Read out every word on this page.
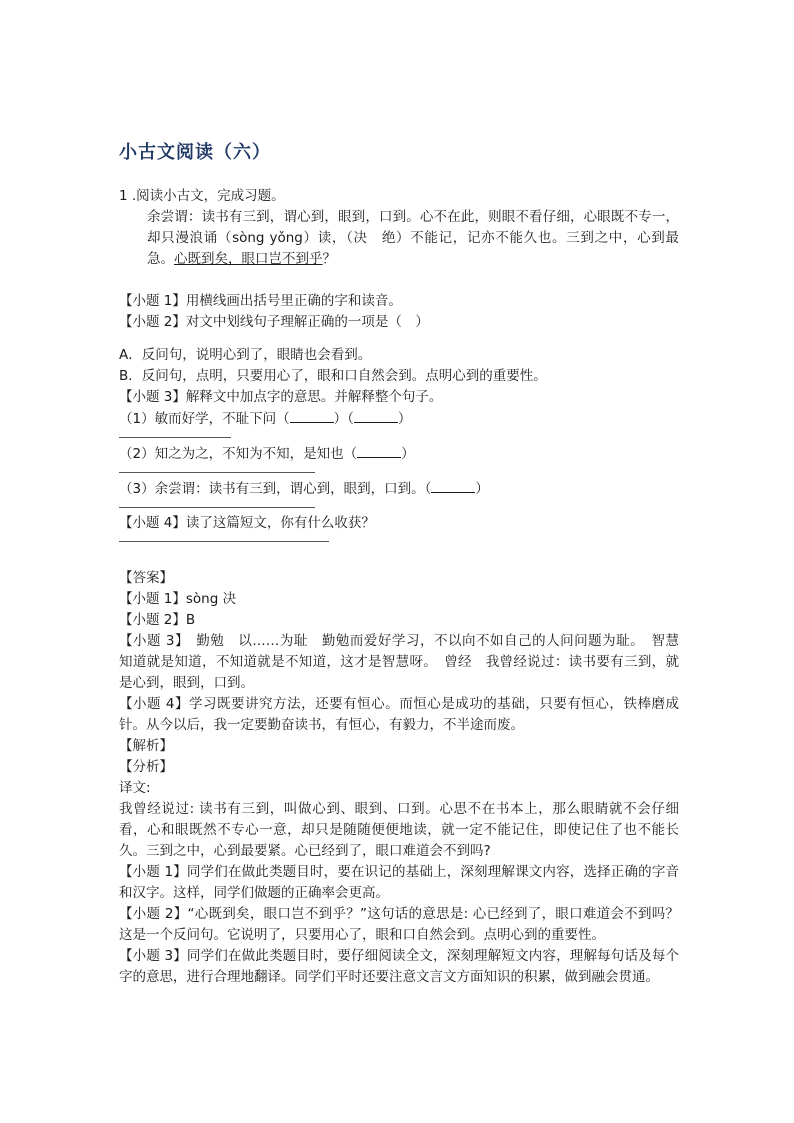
小古文阅读（六）
1 .阅读小古文，完成习题。
余尝谓：读书有三到，谓心到，眼到，口到。心不在此，则眼不看仔细，心眼既不专一，却只漫浪诵（sòng yǒng）读，（决　绝）不能记，记亦不能久也。三到之中，心到最急。心既到矣，眼口岂不到乎？
【小题 1】用横线画出括号里正确的字和读音。
【小题 2】对文中划线句子理解正确的一项是（　）
A．反问句，说明心到了，眼睛也会看到。
B．反问句，点明，只要用心了，眼和口自然会到。点明心到的重要性。
【小题 3】解释文中加点字的意思。并解释整个句子。
（1）敏而好学，不耻下问（	）（	）
（2）知之为之，不知为不知，是知也（	）
（3）余尝谓：读书有三到，谓心到，眼到，口到。（	）
【小题 4】读了这篇短文，你有什么收获？
【答案】
【小题 1】sòng 决
【小题 2】B
【小题 3】　勤勉　以……为耻　勤勉而爱好学习，不以向不如自己的人问问题为耻。　智慧　知道就是知道，不知道就是不知道，这才是智慧呀。　曾经　我曾经说过：读书要有三到，就是心到，眼到，口到。
【小题 4】学习既要讲究方法，还要有恒心。而恒心是成功的基础，只要有恒心，铁棒磨成针。从今以后，我一定要勤奋读书，有恒心，有毅力，不半途而废。
【解析】
【分析】
译文:
我曾经说过: 读书有三到，叫做心到、眼到、口到。心思不在书本上，那么眼睛就不会仔细看，心和眼既然不专心一意，却只是随随便便地读，就一定不能记住，即使记住了也不能长久。三到之中，心到最要紧。心已经到了，眼口难道会不到吗?
【小题 1】同学们在做此类题目时，要在识记的基础上，深刻理解课文内容，选择正确的字音和汉字。这样，同学们做题的正确率会更高。
【小题 2】“心既到矣，眼口岂不到乎？”这句话的意思是: 心已经到了，眼口难道会不到吗？这是一个反问句。它说明了，只要用心了，眼和口自然会到。点明心到的重要性。
【小题 3】同学们在做此类题目时，要仔细阅读全文，深刻理解短文内容，理解每句话及每个字的意思，进行合理地翻译。同学们平时还要注意文言文方面知识的积累，做到融会贯通。
